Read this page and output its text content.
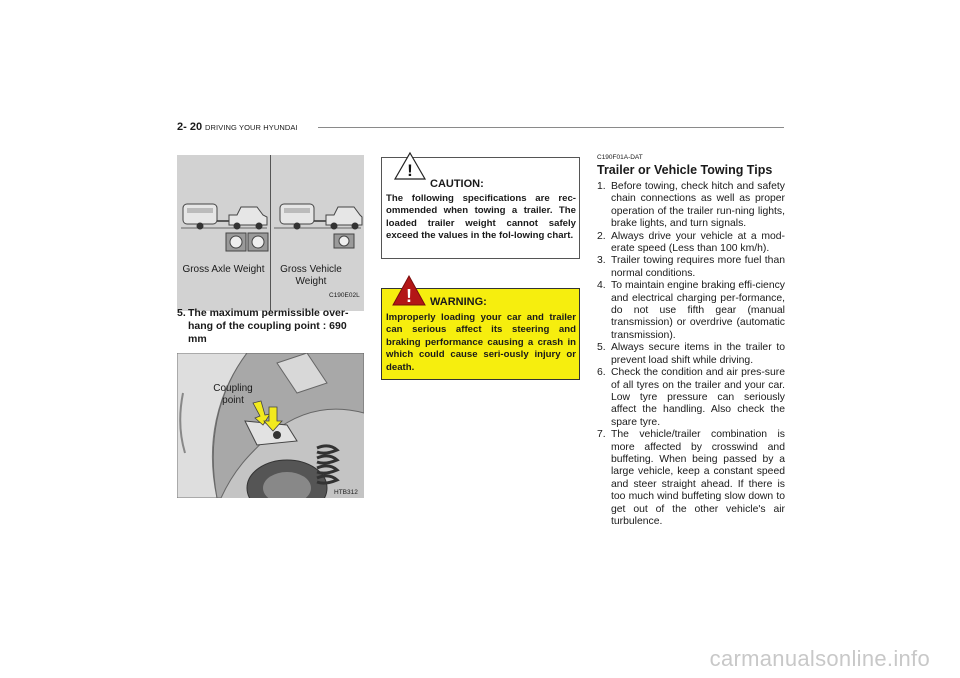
2- 20 DRIVING YOUR HYUNDAI
Gross Axle Weight	Gross Vehicle Weight
C190E02L
5. The maximum permissible over-hang of the coupling point : 690 mm
Coupling point
HTB312
!
CAUTION:
The following specifications are rec-ommended when towing a trailer. The loaded trailer weight cannot safely exceed the values in the fol-lowing chart.
! WARNING:
Improperly loading your car and trailer can serious affect its steering and braking performance causing a crash in which could cause seri-ously injury or death.
C190F01A-DAT
Trailer or Vehicle Towing Tips
1. Before towing, check hitch and safety chain connections as well as proper operation of the trailer run-ning lights, brake lights, and turn signals.
2. Always drive your vehicle at a mod-erate speed (Less than 100 km/h).
3. Trailer towing requires more fuel than normal conditions.
4. To maintain engine braking effi-ciency and electrical charging per-formance, do not use fifth gear (manual transmission) or overdrive (automatic transmission).
5. Always secure items in the trailer to prevent load shift while driving.
6. Check the condition and air pres-sure of all tyres on the trailer and your car. Low tyre pressure can seriously affect the handling. Also check the spare tyre.
7. The vehicle/trailer combination is more affected by crosswind and buffeting. When being passed by a large vehicle, keep a constant speed and steer straight ahead. If there is too much wind buffeting slow down to get out of the other vehicle's air turbulence.
carmanualsonline.info
